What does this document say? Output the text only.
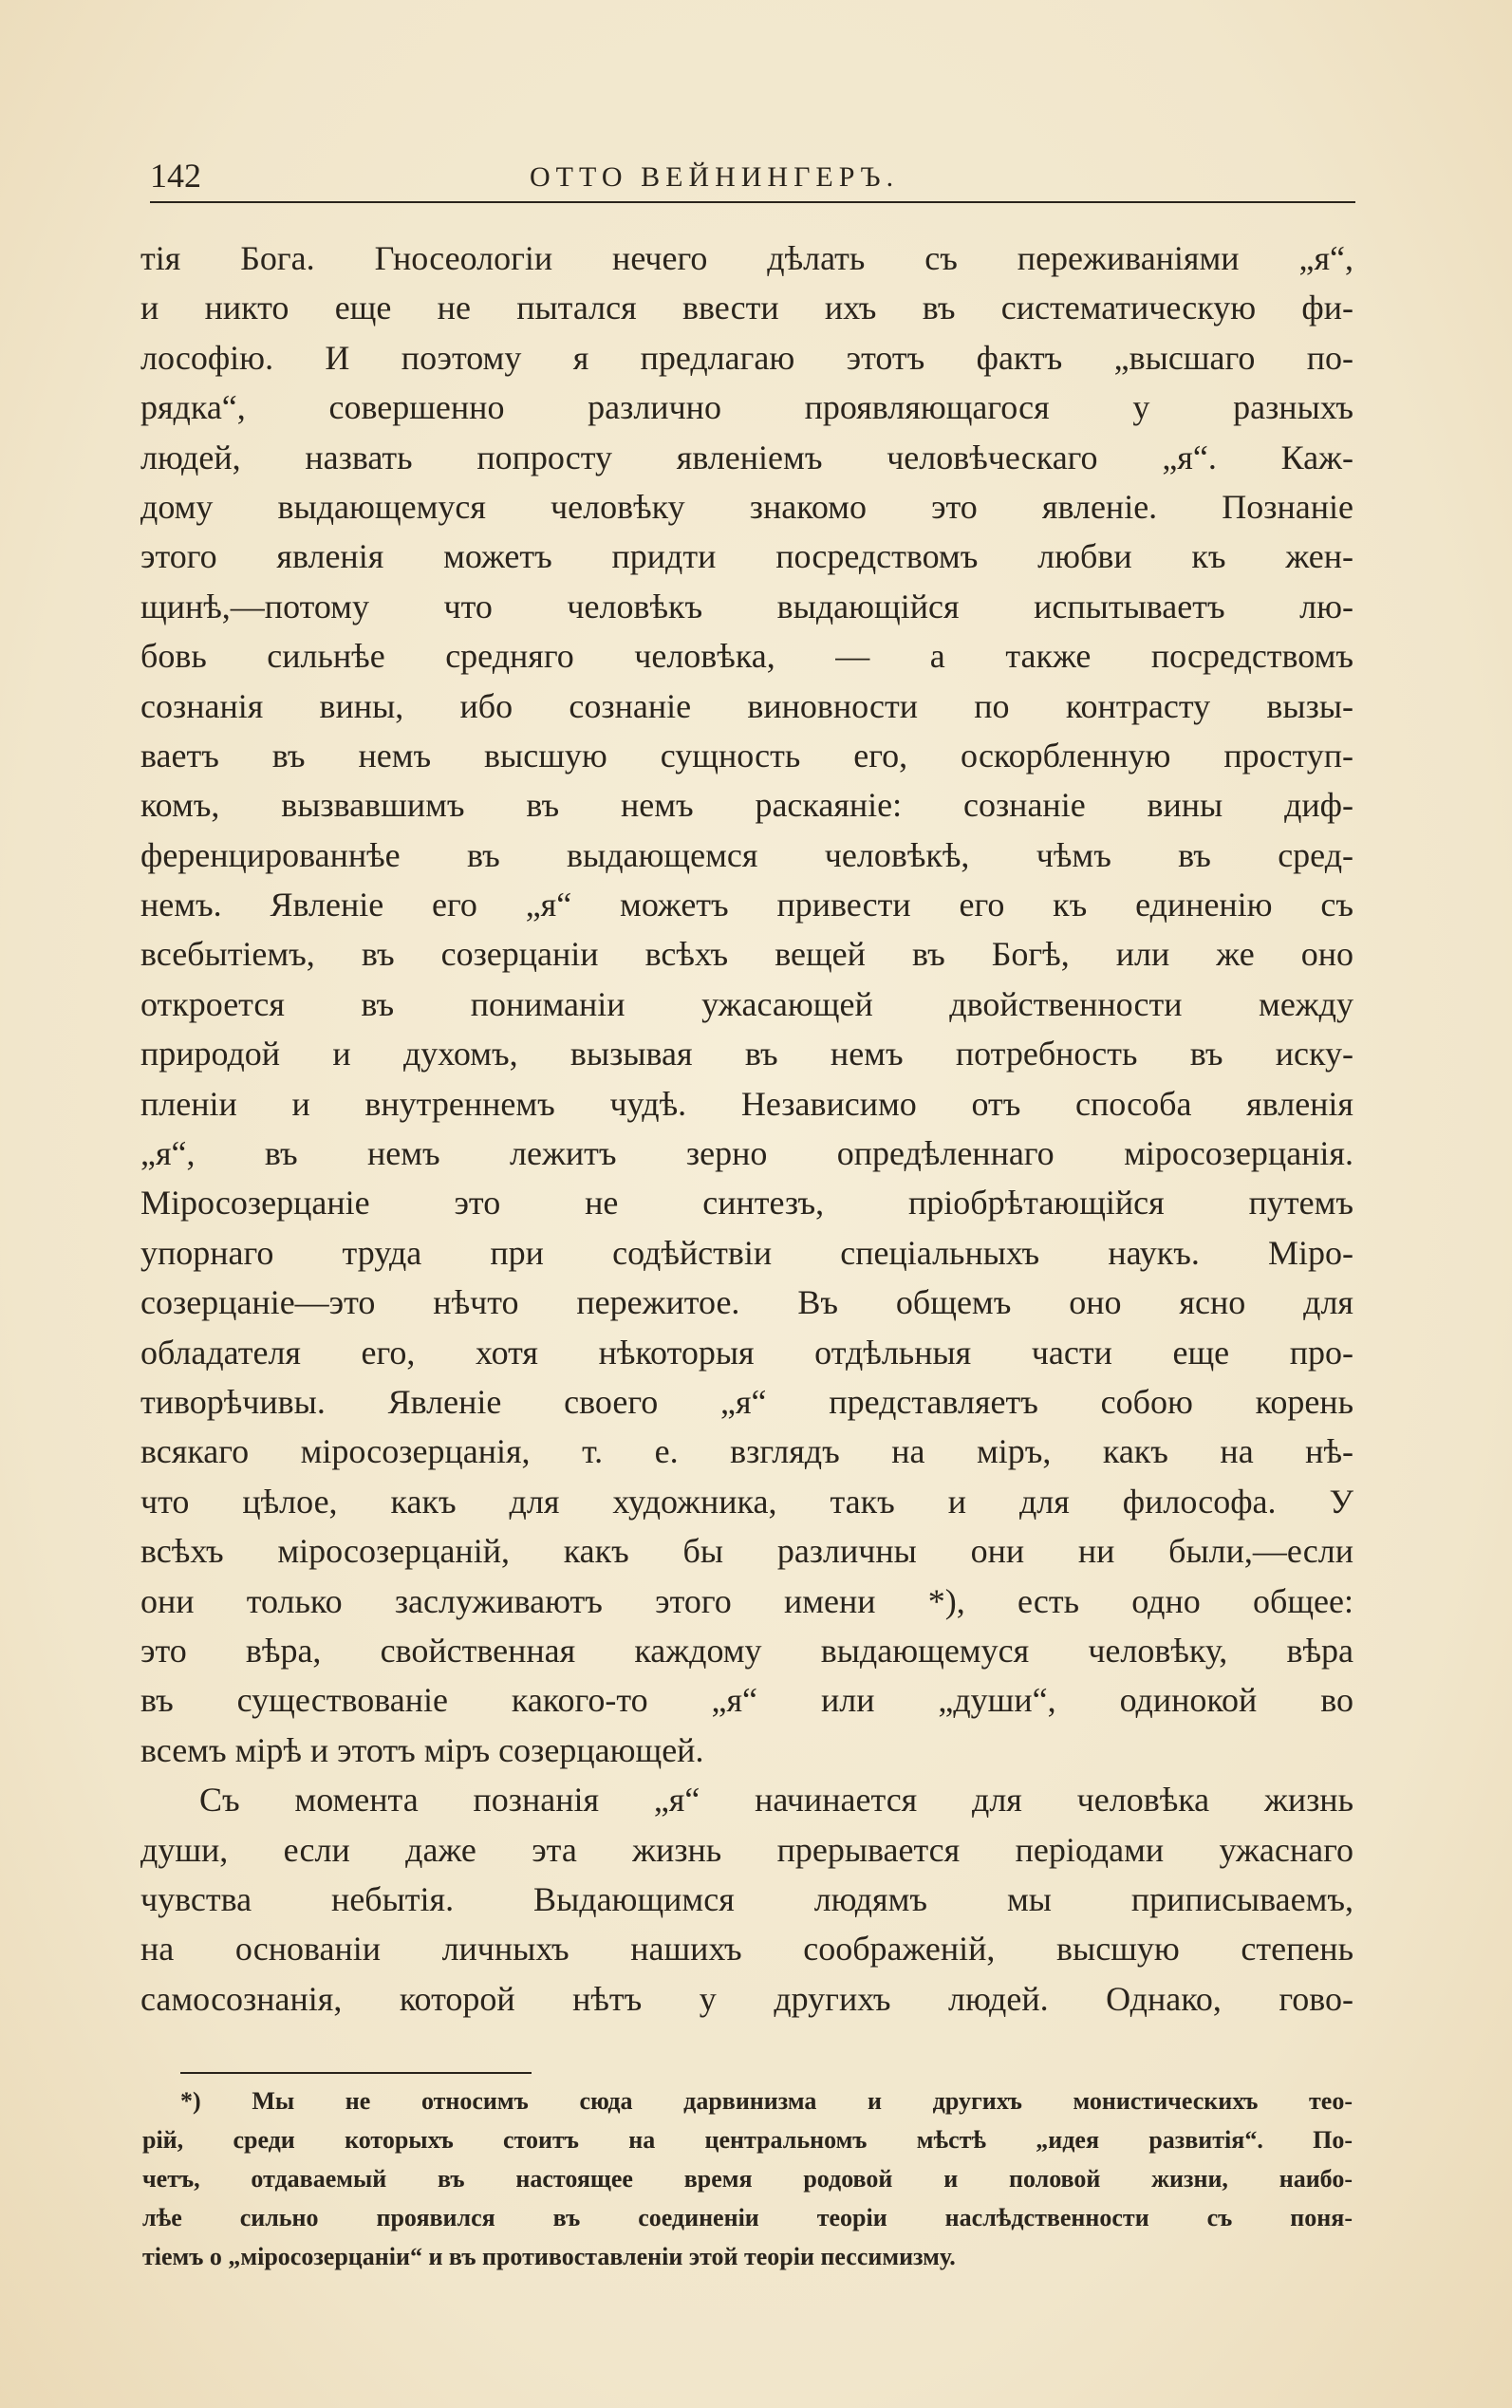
142	ОТТО ВЕЙНИНГЕРЪ.
тія Бога. Гносеологіи нечего дѣлать съ переживаніями „я“,
и никто еще не пытался ввести ихъ въ систематическую фи-
лософію. И поэтому я предлагаю этотъ фактъ „высшаго по-
рядка“, совершенно различно проявляющагося у разныхъ
людей, назвать попросту явленіемъ человѣческаго „я“. Каж-
дому выдающемуся человѣку знакомо это явленіе. Познаніе
этого явленія можетъ придти посредствомъ любви къ жен-
щинѣ,—потому что человѣкъ выдающійся испытываетъ лю-
бовь сильнѣе средняго человѣка, — а также посредствомъ
сознанія вины, ибо сознаніе виновности по контрасту вызы-
ваетъ въ немъ высшую сущность его, оскорбленную проступ-
комъ, вызвавшимъ въ немъ раскаяніе: сознаніе вины диф-
ференцированнѣе въ выдающемся человѣкѣ, чѣмъ въ сред-
немъ. Явленіе его „я“ можетъ привести его къ единенію съ
всебытіемъ, въ созерцаніи всѣхъ вещей въ Богѣ, или же оно
откроется въ пониманіи ужасающей двойственности между
природой и духомъ, вызывая въ немъ потребность въ иску-
пленіи и внутреннемъ чудѣ. Независимо отъ способа явленія
„я“, въ немъ лежитъ зерно опредѣленнаго міросозерцанія.
Міросозерцаніе это не синтезъ, пріобрѣтающійся путемъ
упорнаго труда при содѣйствіи спеціальныхъ наукъ. Міро-
созерцаніе—это нѣчто пережитое. Въ общемъ оно ясно для
обладателя его, хотя нѣкоторыя отдѣльныя части еще про-
тиворѣчивы. Явленіе своего „я“ представляетъ собою корень
всякаго міросозерцанія, т. е. взглядъ на міръ, какъ на нѣ-
что цѣлое, какъ для художника, такъ и для философа. У
всѣхъ міросозерцаній, какъ бы различны они ни были,—если
они только заслуживаютъ этого имени *), есть одно общее:
это вѣра, свойственная каждому выдающемуся человѣку, вѣра
въ существованіе какого-то „я“ или „души“, одинокой во
всемъ мірѣ и этотъ міръ созерцающей.
Съ момента познанія „я“ начинается для человѣка жизнь
души, если даже эта жизнь прерывается періодами ужаснаго
чувства небытія. Выдающимся людямъ мы приписываемъ,
на основаніи личныхъ нашихъ соображеній, высшую степень
самосознанія, которой нѣтъ у другихъ людей. Однако, гово-
*) Мы не относимъ сюда дарвинизма и другихъ монистическихъ тео-
рій, среди которыхъ стоитъ на центральномъ мѣстѣ „идея развитія“. По-
четъ, отдаваемый въ настоящее время родовой и половой жизни, наибо-
лѣе сильно проявился въ соединеніи теоріи наслѣдственности съ поня-
тіемъ о „міросозерцаніи“ и въ противоставленіи этой теоріи пессимизму.
